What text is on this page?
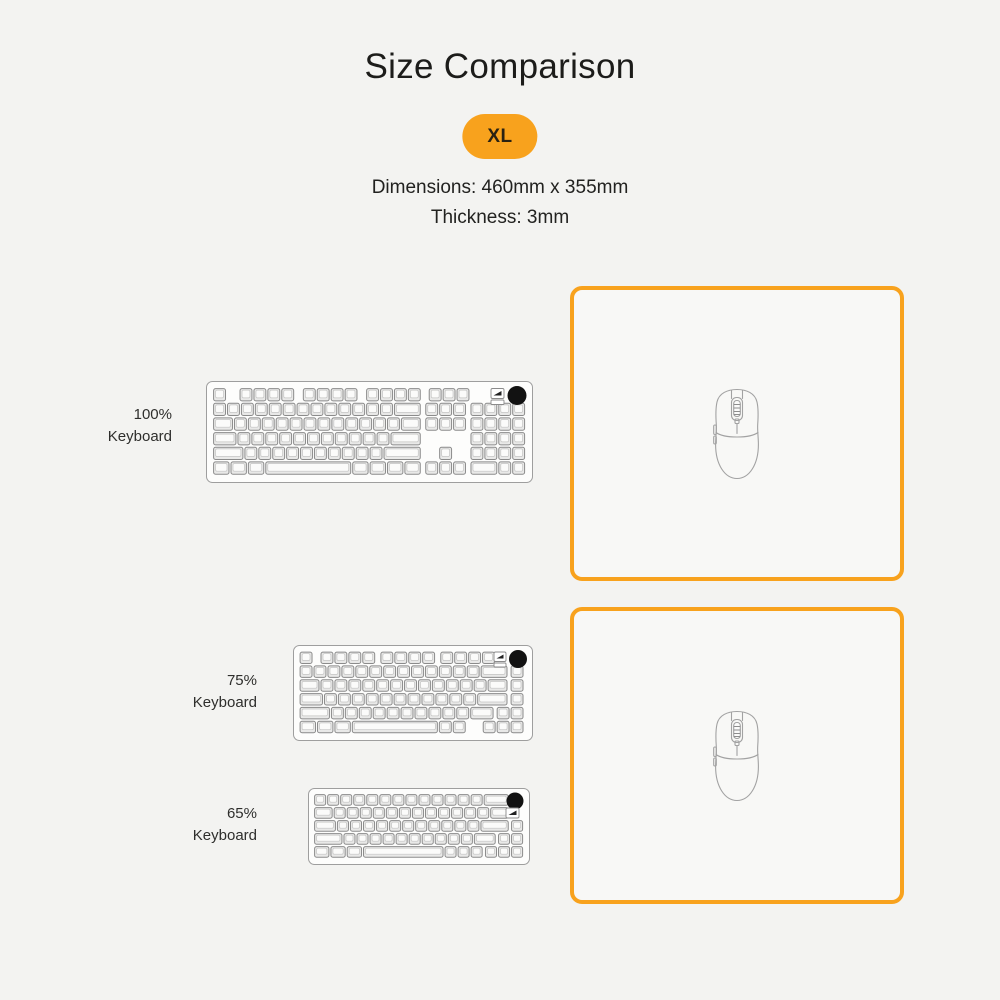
Size Comparison
XL
Dimensions: 460mm x 355mm
Thickness: 3mm
100%
Keyboard
75%
Keyboard
65%
Keyboard
